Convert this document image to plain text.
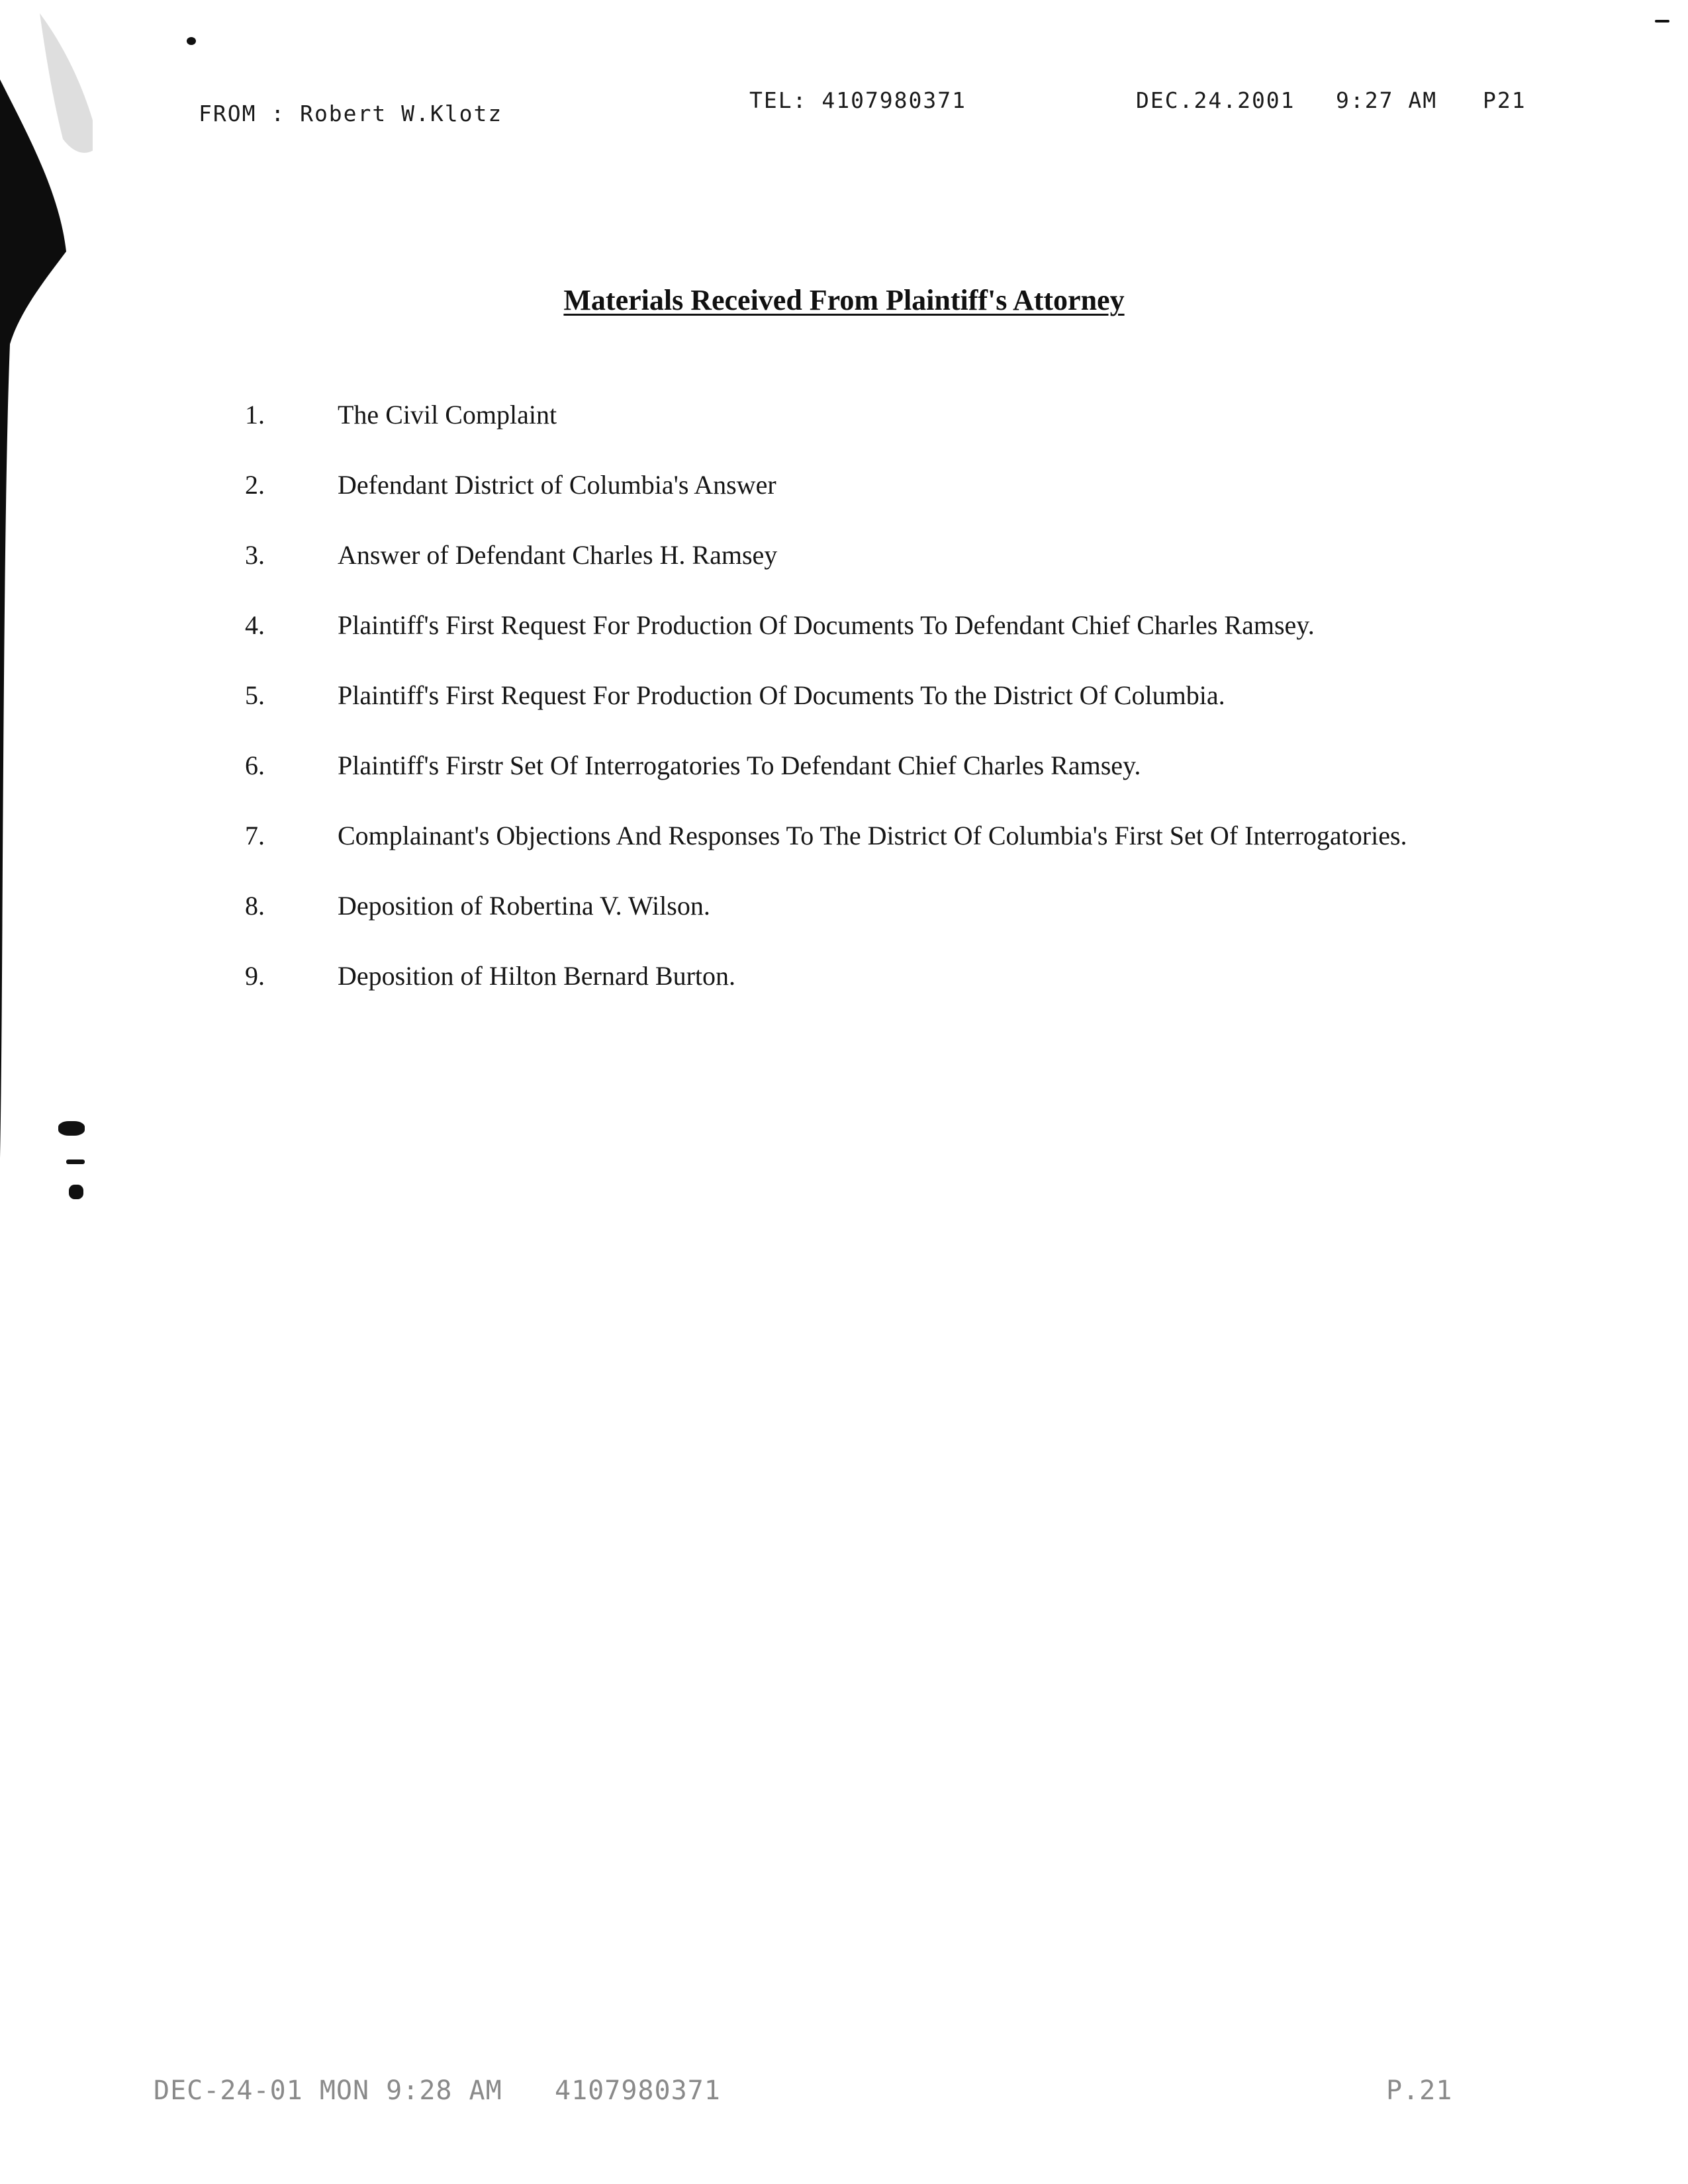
FROM : Robert W.Klotz
TEL: 4107980371	DEC.24.2001 9:27 AM P21
Materials Received From Plaintiff's Attorney
1.	The Civil Complaint
2.	Defendant District of Columbia's Answer
3.	Answer of Defendant Charles H. Ramsey
4.	Plaintiff's First Request For Production Of Documents To Defendant Chief Charles Ramsey.
5.	Plaintiff's First Request For Production Of Documents To the District Of Columbia.
6.	Plaintiff's Firstr Set Of Interrogatories To Defendant Chief Charles Ramsey.
7.	Complainant's Objections And Responses To The District Of Columbia's First Set Of Interrogatories.
8.	Deposition of Robertina V. Wilson.
9.	Deposition of Hilton Bernard Burton.
DEC-24-01 MON 9:28 AM 4107980371	P.21
